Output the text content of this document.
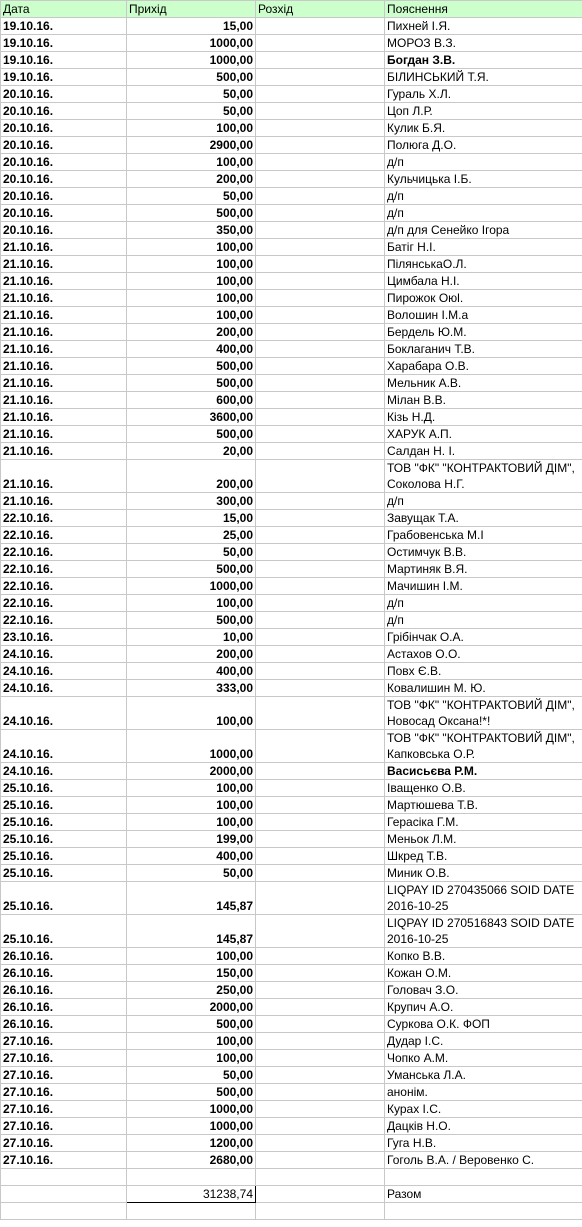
Дата	Прихід	Розхід	Пояснення
19.10.16.	15,00		Пихней І.Я.
19.10.16.	1000,00		МОРОЗ В.З.
19.10.16.	1000,00		Богдан З.В.
19.10.16.	500,00		БІЛИНСЬКИЙ Т.Я.
20.10.16.	50,00		Гураль Х.Л.
20.10.16.	50,00		Цоп Л.Р.
20.10.16.	100,00		Кулик Б.Я.
20.10.16.	2900,00		Полюга Д.О.
20.10.16.	100,00		д/п
20.10.16.	200,00		Кульчицька І.Б.
20.10.16.	50,00		д/п
20.10.16.	500,00		д/п
20.10.16.	350,00		д/п для Сенейко Ігора
21.10.16.	100,00		Батіг Н.І.
21.10.16.	100,00		ПілянськаО.Л.
21.10.16.	100,00		Цимбала Н.І.
21.10.16.	100,00		Пирожок Оюl.
21.10.16.	100,00		Волошин І.М.а
21.10.16.	200,00		Бердель Ю.М.
21.10.16.	400,00		Боклаганич Т.В.
21.10.16.	500,00		Харабара О.В.
21.10.16.	500,00		Мельник А.В.
21.10.16.	600,00		Мілан В.В.
21.10.16.	3600,00		Кізь Н.Д.
21.10.16.	500,00		ХАРУК А.П.
21.10.16.	20,00		Салдан Н. І.
21.10.16.	200,00		ТОВ "ФК" "КОНТРАКТОВИЙ ДІМ", Соколова Н.Г.
21.10.16.	300,00		д/п
22.10.16.	15,00		Завущак Т.А.
22.10.16.	25,00		Грабовенська М.І
22.10.16.	50,00		Остимчук В.В.
22.10.16.	500,00		Мартиняк В.Я.
22.10.16.	1000,00		Мачишин І.М.
22.10.16.	100,00		д/п
22.10.16.	500,00		д/п
23.10.16.	10,00		Грібінчак О.А.
24.10.16.	200,00		Астахов О.О.
24.10.16.	400,00		Повх Є.В.
24.10.16.	333,00		Ковалишин М. Ю.
24.10.16.	100,00		ТОВ "ФК" "КОНТРАКТОВИЙ ДІМ", Новосад Оксана!*!
24.10.16.	1000,00		ТОВ "ФК" "КОНТРАКТОВИЙ ДІМ", Капковська О.Р.
24.10.16.	2000,00		Васисьєва Р.М.
25.10.16.	100,00		Іващенко О.В.
25.10.16.	100,00		Мартюшева Т.В.
25.10.16.	100,00		Герасіка Г.М.
25.10.16.	199,00		Меньок Л.М.
25.10.16.	400,00		Шкред Т.В.
25.10.16.	50,00		Миник О.В.
25.10.16.	145,87		LIQPAY ID 270435066 SOID DATE 2016-10-25
25.10.16.	145,87		LIQPAY ID 270516843 SOID DATE 2016-10-25
26.10.16.	100,00		Копко В.В.
26.10.16.	150,00		Кожан О.М.
26.10.16.	250,00		Головач З.О.
26.10.16.	2000,00		Крупич А.О.
26.10.16.	500,00		Суркова О.К. ФОП
27.10.16.	100,00		Дудар І.С.
27.10.16.	100,00		Чопко А.М.
27.10.16.	50,00		Уманська Л.А.
27.10.16.	500,00		анонім.
27.10.16.	1000,00		Курах І.С.
27.10.16.	1000,00		Дацків Н.О.
27.10.16.	1200,00		Гуга Н.В.
27.10.16.	2680,00		Гоголь В.А. / Веровенко С.

	31238,74		Разом
